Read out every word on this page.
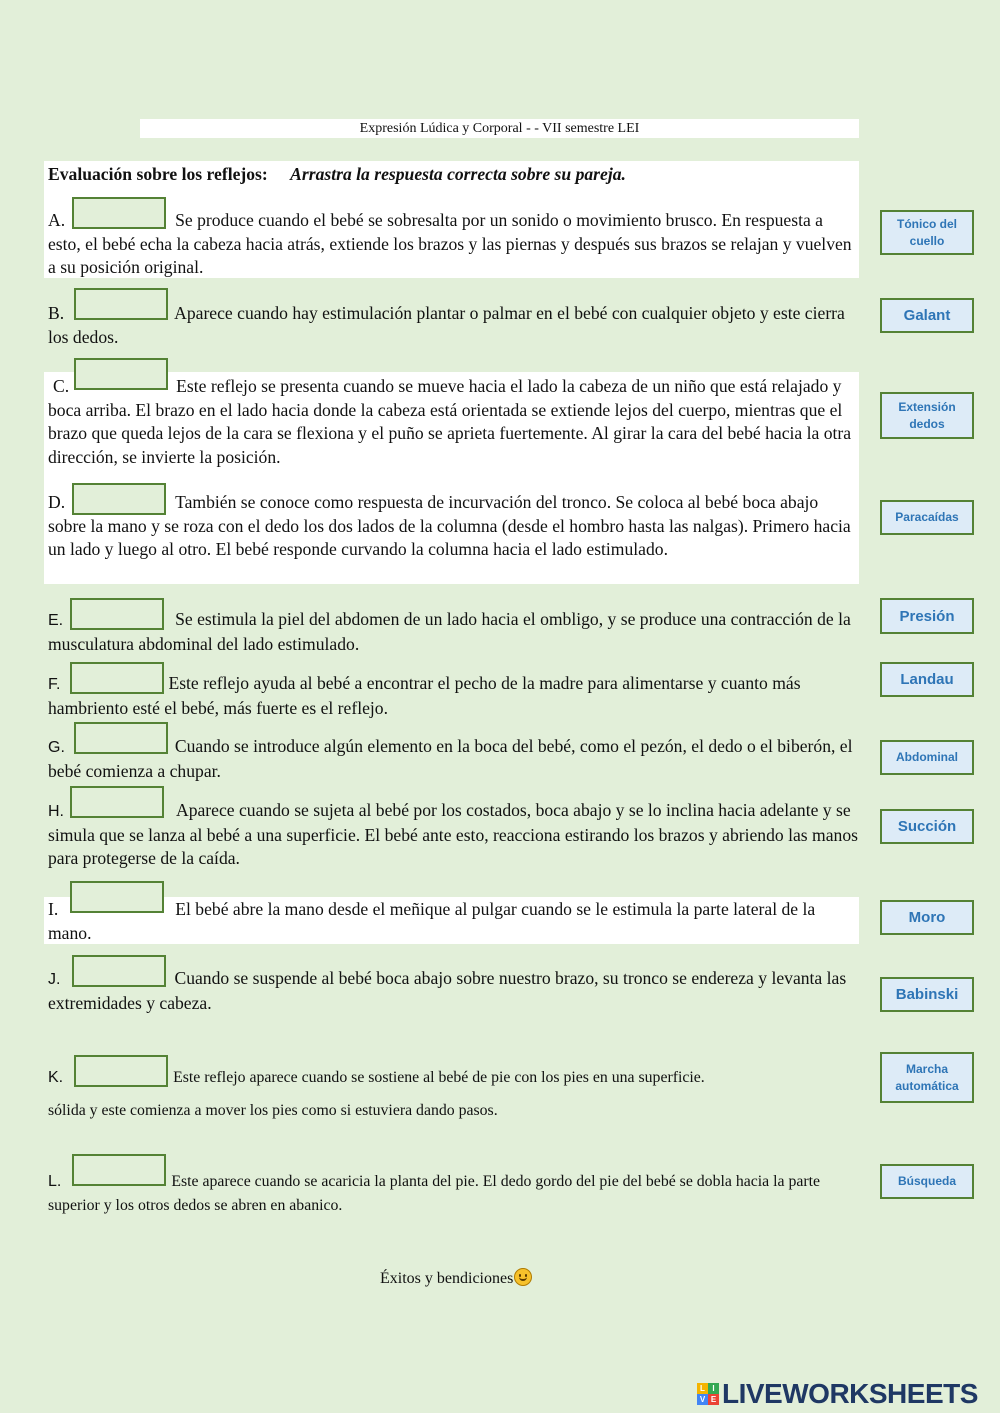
Expresión Lúdica y Corporal - - VII semestre LEI
Evaluación sobre los reflejos: Arrastra la respuesta correcta sobre su pareja.
A.	Se produce cuando el bebé se sobresalta por un sonido o movimiento brusco. En respuesta a esto, el bebé echa la cabeza hacia atrás, extiende los brazos y las piernas y después sus brazos se relajan y vuelven a su posición original.
B.	Aparece cuando hay estimulación plantar o palmar en el bebé con cualquier objeto y este cierra los dedos.
C.	Este reflejo se presenta cuando se mueve hacia el lado la cabeza de un niño que está relajado y boca arriba. El brazo en el lado hacia donde la cabeza está orientada se extiende lejos del cuerpo, mientras que el brazo que queda lejos de la cara se flexiona y el puño se aprieta fuertemente. Al girar la cara del bebé hacia la otra dirección, se invierte la posición.
D.	También se conoce como respuesta de incurvación del tronco. Se coloca al bebé boca abajo sobre la mano y se roza con el dedo los dos lados de la columna (desde el hombro hasta las nalgas). Primero hacia un lado y luego al otro. El bebé responde curvando la columna hacia el lado estimulado.
E.	Se estimula la piel del abdomen de un lado hacia el ombligo, y se produce una contracción de la musculatura abdominal del lado estimulado.
F.	Este reflejo ayuda al bebé a encontrar el pecho de la madre para alimentarse y cuanto más hambriento esté el bebé, más fuerte es el reflejo.
G.	Cuando se introduce algún elemento en la boca del bebé, como el pezón, el dedo o el biberón, el bebé comienza a chupar.
H.	Aparece cuando se sujeta al bebé por los costados, boca abajo y se lo inclina hacia adelante y se simula que se lanza al bebé a una superficie. El bebé ante esto, reacciona estirando los brazos y abriendo las manos para protegerse de la caída.
I.	El bebé abre la mano desde el meñique al pulgar cuando se le estimula la parte lateral de la mano.
J.	Cuando se suspende al bebé boca abajo sobre nuestro brazo, su tronco se endereza y levanta las extremidades y cabeza.
K.	Este reflejo aparece cuando se sostiene al bebé de pie con los pies en una superficie.
sólida y este comienza a mover los pies como si estuviera dando pasos.
L.	Este aparece cuando se acaricia la planta del pie. El dedo gordo del pie del bebé se dobla hacia la parte superior y los otros dedos se abren en abanico.
Tónico del cuello
Galant
Extensión dedos
Paracaídas
Presión
Landau
Abdominal
Succión
Moro
Babinski
Marcha automática
Búsqueda
Éxitos y bendiciones
L I
V E LIVEWORKSHEETS
